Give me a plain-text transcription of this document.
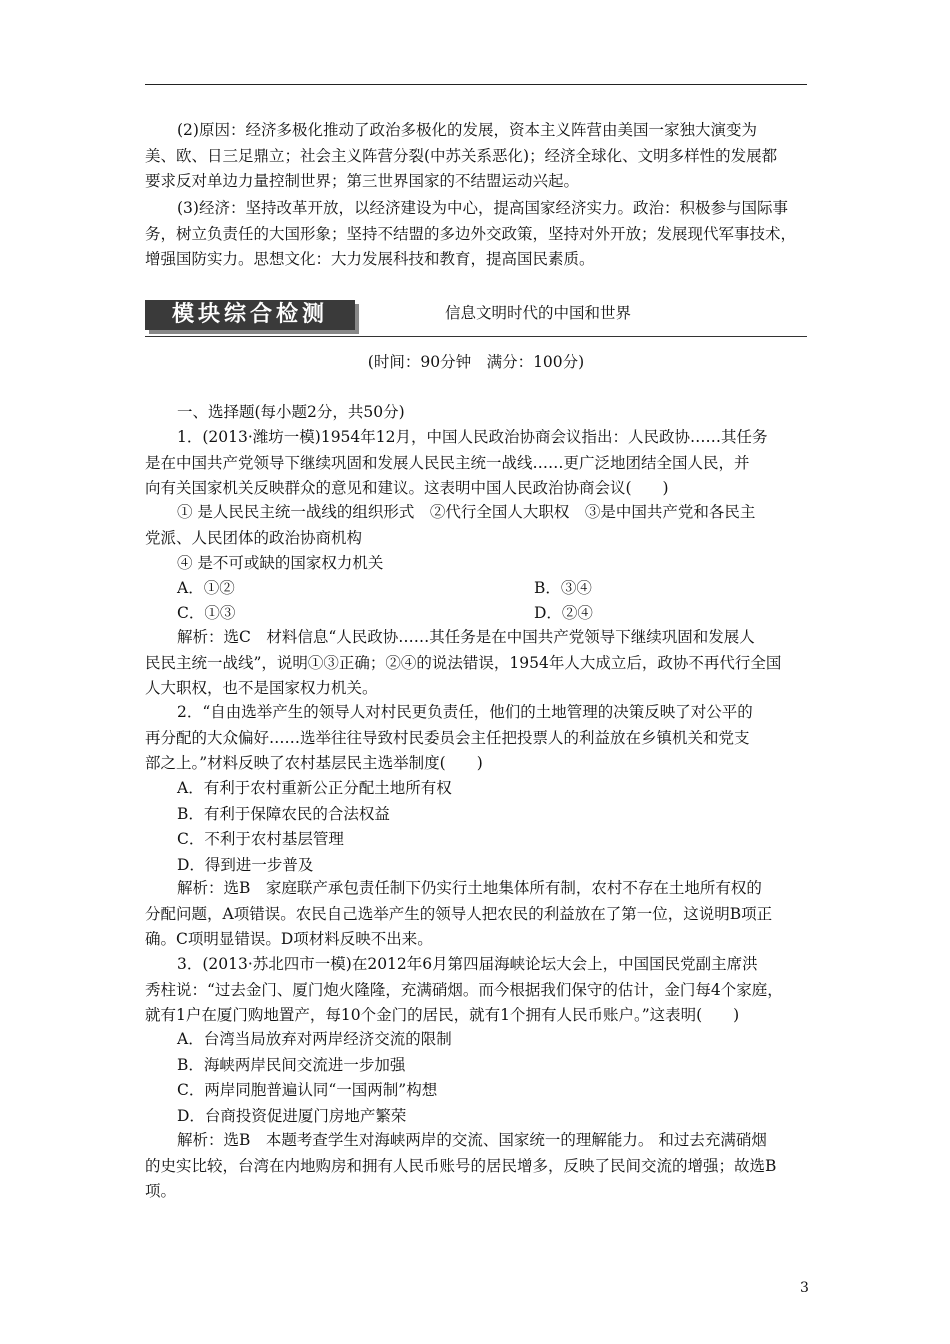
(2)原因：经济多极化推动了政治多极化的发展，资本主义阵营由美国一家独大演变为
美、欧、日三足鼎立；社会主义阵营分裂(中苏关系恶化)；经济全球化、文明多样性的发展都
要求反对单边力量控制世界；第三世界国家的不结盟运动兴起。
(3)经济：坚持改革开放，以经济建设为中心，提高国家经济实力。政治：积极参与国际事
务，树立负责任的大国形象；坚持不结盟的多边外交政策，坚持对外开放；发展现代军事技术，
增强国防实力。思想文化：大力发展科技和教育，提高国民素质。
模块综合检测	信息文明时代的中国和世界
(时间：90分钟　满分：100分)
一、选择题(每小题2分，共50分)
1．(2013·潍坊一模)1954年12月，中国人民政治协商会议指出：人民政协……其任务
是在中国共产党领导下继续巩固和发展人民民主统一战线……更广泛地团结全国人民，并
向有关国家机关反映群众的意见和建议。这表明中国人民政治协商会议(　　)
① 是人民民主统一战线的组织形式　②代行全国人大职权　③是中国共产党和各民主
党派、人民团体的政治协商机构
④ 是不可或缺的国家权力机关
A．①②	B．③④
C．①③	D．②④
解析：选C　材料信息“人民政协……其任务是在中国共产党领导下继续巩固和发展人
民民主统一战线”，说明①③正确；②④的说法错误，1954年人大成立后，政协不再代行全国
人大职权，也不是国家权力机关。
2．“自由选举产生的领导人对村民更负责任，他们的土地管理的决策反映了对公平的
再分配的大众偏好……选举往往导致村民委员会主任把投票人的利益放在乡镇机关和党支
部之上。”材料反映了农村基层民主选举制度(　　)
A．有利于农村重新公正分配土地所有权
B．有利于保障农民的合法权益
C．不利于农村基层管理
D．得到进一步普及
解析：选B　家庭联产承包责任制下仍实行土地集体所有制，农村不存在土地所有权的
分配问题，A项错误。农民自己选举产生的领导人把农民的利益放在了第一位，这说明B项正
确。C项明显错误。D项材料反映不出来。
3．(2013·苏北四市一模)在2012年6月第四届海峡论坛大会上，中国国民党副主席洪
秀柱说：“过去金门、厦门炮火隆隆，充满硝烟。而今根据我们保守的估计，金门每4个家庭，
就有1户在厦门购地置产，每10个金门的居民，就有1个拥有人民币账户。”这表明(　　)
A．台湾当局放弃对两岸经济交流的限制
B．海峡两岸民间交流进一步加强
C．两岸同胞普遍认同“一国两制”构想
D．台商投资促进厦门房地产繁荣
解析：选B　本题考查学生对海峡两岸的交流、国家统一的理解能力。 和过去充满硝烟
的史实比较，台湾在内地购房和拥有人民币账号的居民增多，反映了民间交流的增强；故选B
项。
3
